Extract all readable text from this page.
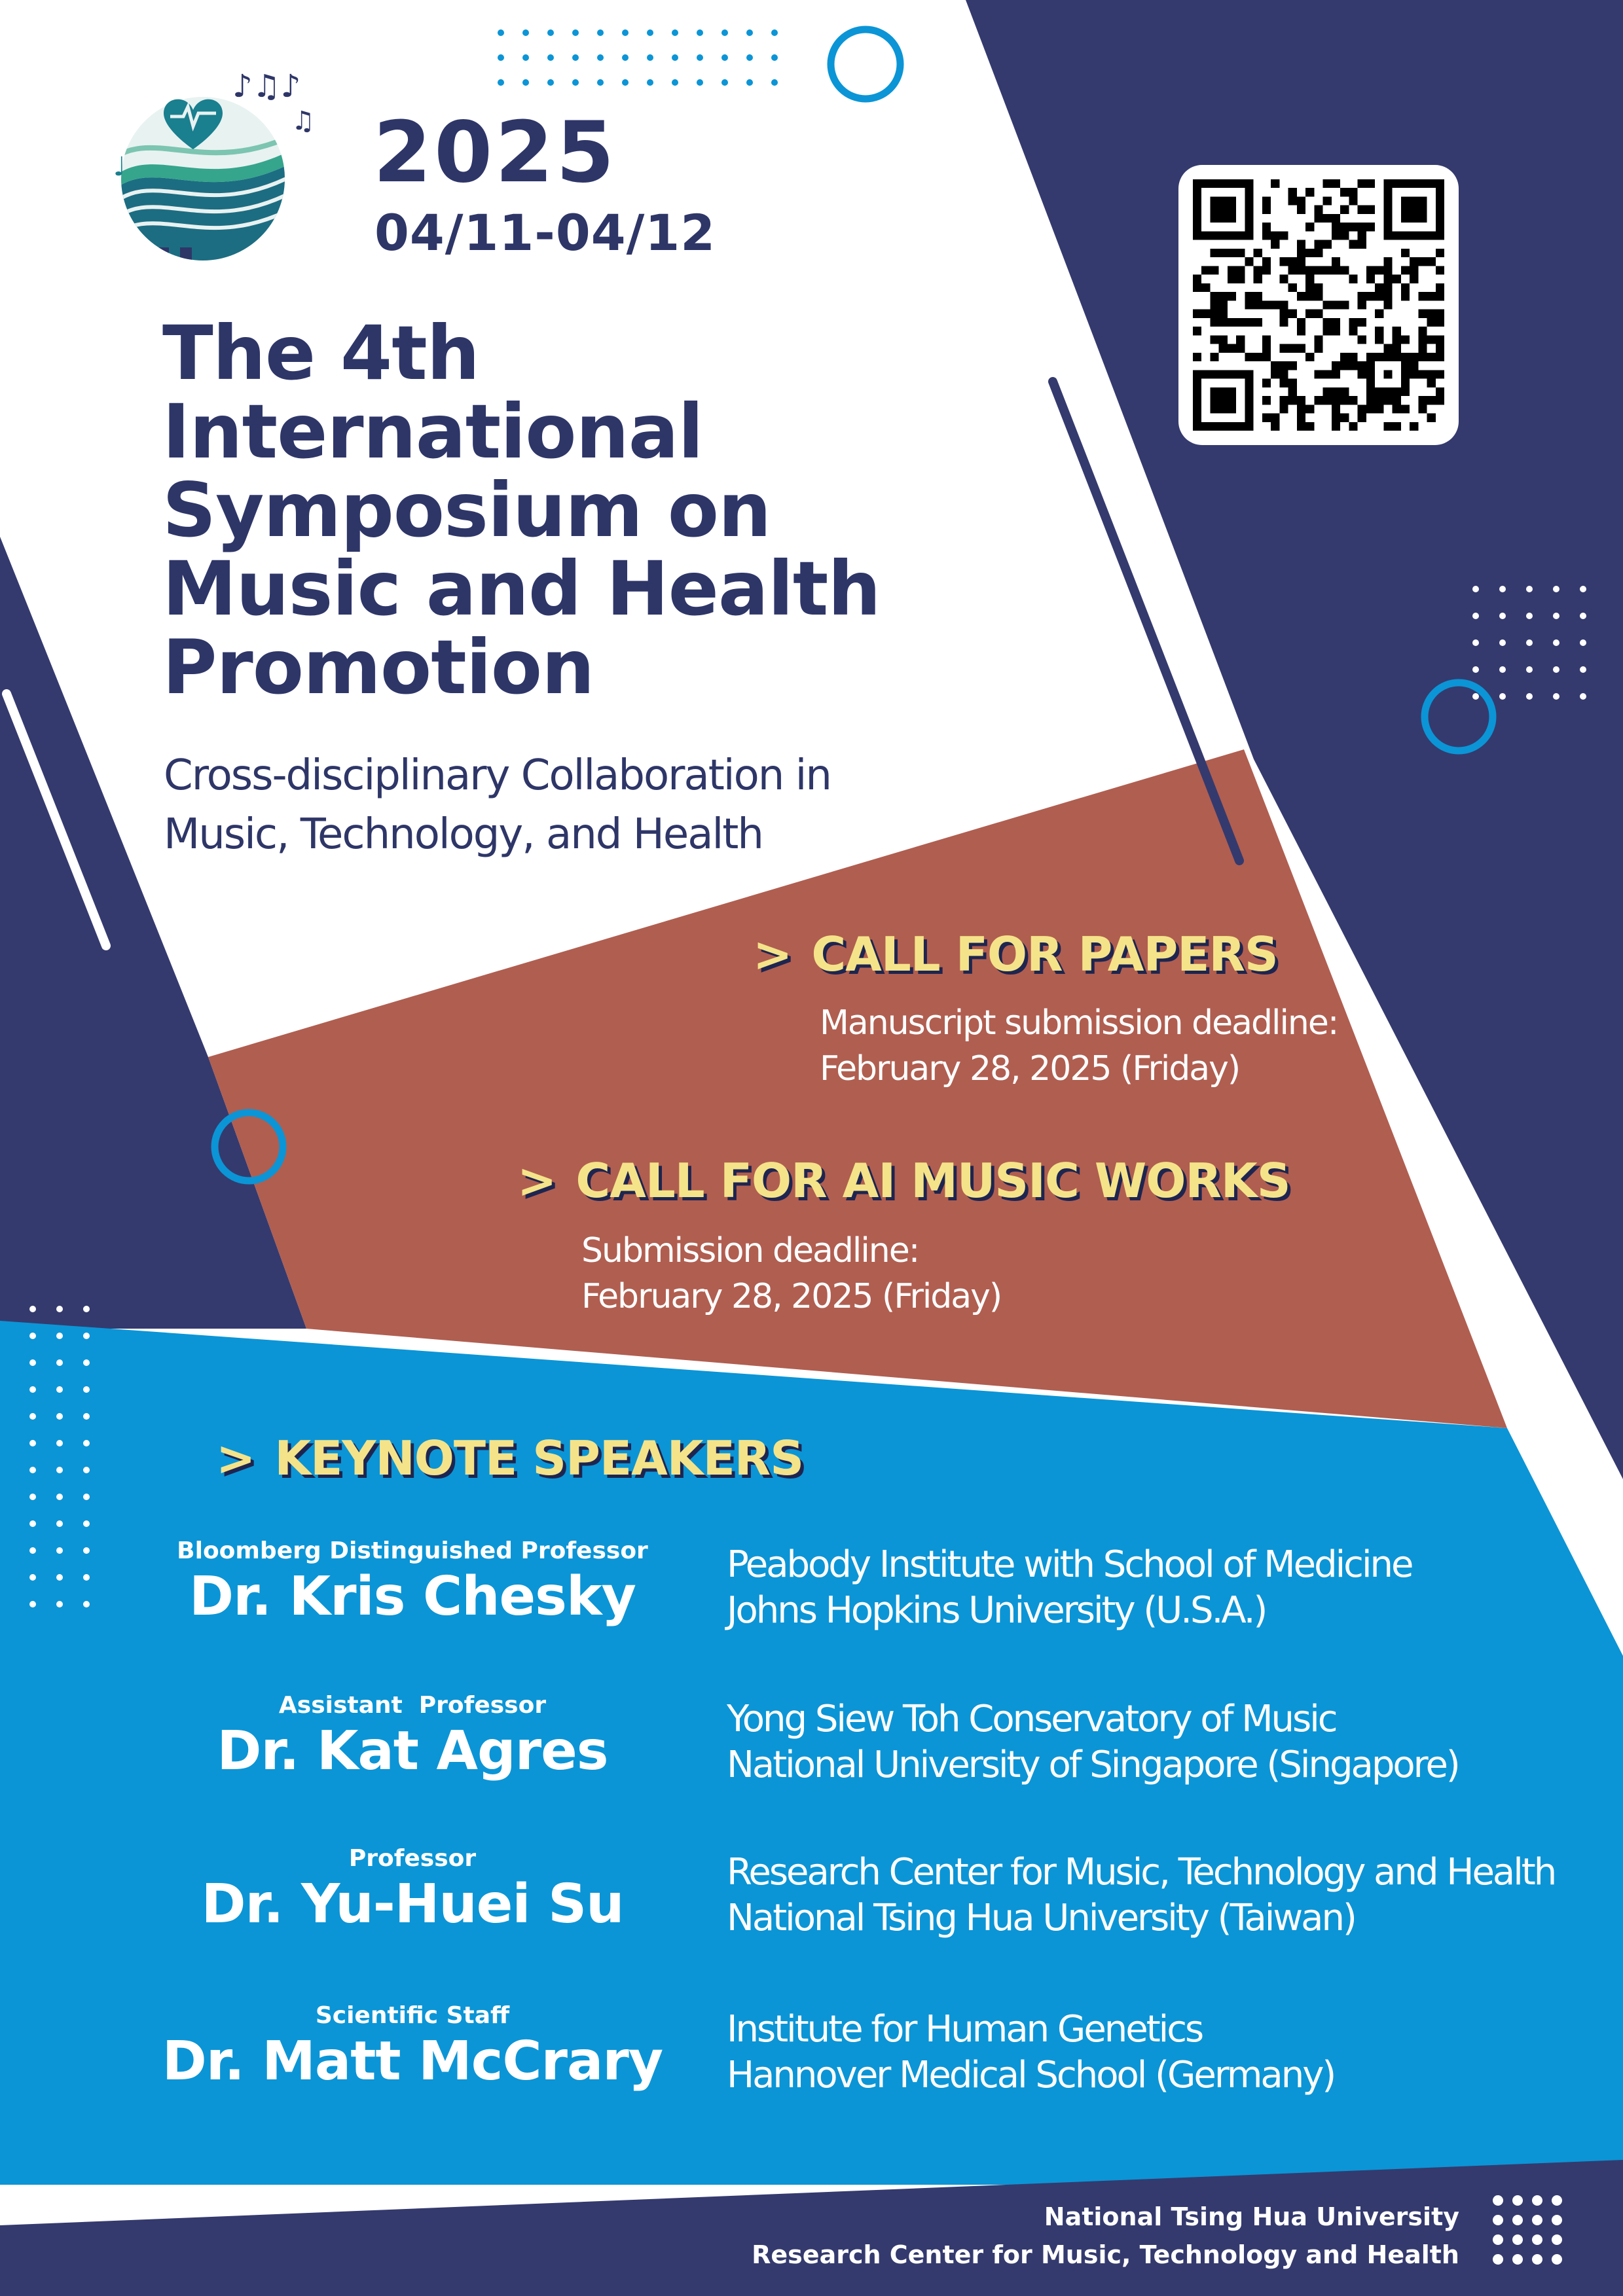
♪♫♪
♫
♩	2025
04/11-04/12
The 4th
International
Symposium on
Music and Health
Promotion
Cross-disciplinary Collaboration in
Music, Technology, and Health
> CALL FOR PAPERS
Manuscript submission deadline:
February 28, 2025 (Friday)
> CALL FOR AI MUSIC WORKS
Submission deadline:
February 28, 2025 (Friday)
> KEYNOTE SPEAKERS
Bloomberg Distinguished Professor
Dr. Kris Chesky
Peabody Institute with School of Medicine
Johns Hopkins University (U.S.A.)
Assistant  Professor
Dr. Kat Agres
Yong Siew Toh Conservatory of Music
National University of Singapore (Singapore)
Professor
Dr. Yu-Huei Su
Research Center for Music, Technology and Health
National Tsing Hua University (Taiwan)
Scientific Staff
Dr. Matt McCrary
Institute for Human Genetics
Hannover Medical School (Germany)
National Tsing Hua University
Research Center for Music, Technology and Health
